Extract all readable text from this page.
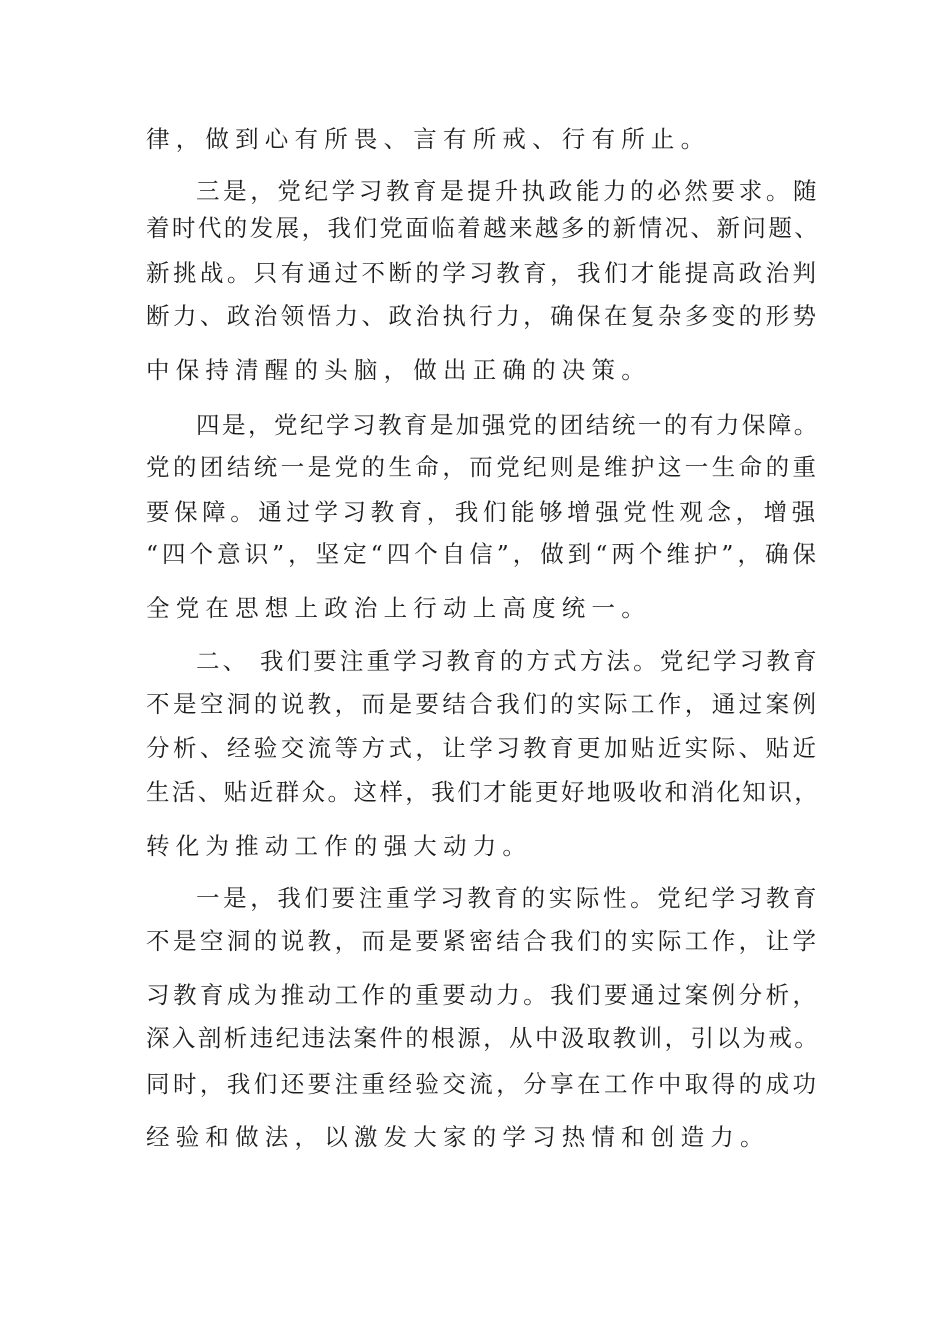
律，做到心有所畏、言有所戒、行有所止。
三是，党纪学习教育是提升执政能力的必然要求。随
着时代的发展，我们党面临着越来越多的新情况、新问题、
新挑战。只有通过不断的学习教育，我们才能提高政治判
断力、政治领悟力、政治执行力，确保在复杂多变的形势
中保持清醒的头脑，做出正确的决策。
四是，党纪学习教育是加强党的团结统一的有力保障。
党的团结统一是党的生命，而党纪则是维护这一生命的重
要保障。通过学习教育，我们能够增强党性观念，增强
“四个意识”，坚定“四个自信”，做到“两个维护”，确保
全党在思想上政治上行动上高度统一。
二、 我们要注重学习教育的方式方法。党纪学习教育
不是空洞的说教，而是要结合我们的实际工作，通过案例
分析、经验交流等方式，让学习教育更加贴近实际、贴近
生活、贴近群众。这样，我们才能更好地吸收和消化知识，
转化为推动工作的强大动力。
一是，我们要注重学习教育的实际性。党纪学习教育
不是空洞的说教，而是要紧密结合我们的实际工作，让学
习教育成为推动工作的重要动力。我们要通过案例分析，
深入剖析违纪违法案件的根源，从中汲取教训，引以为戒。
同时，我们还要注重经验交流，分享在工作中取得的成功
经验和做法，以激发大家的学习热情和创造力。
